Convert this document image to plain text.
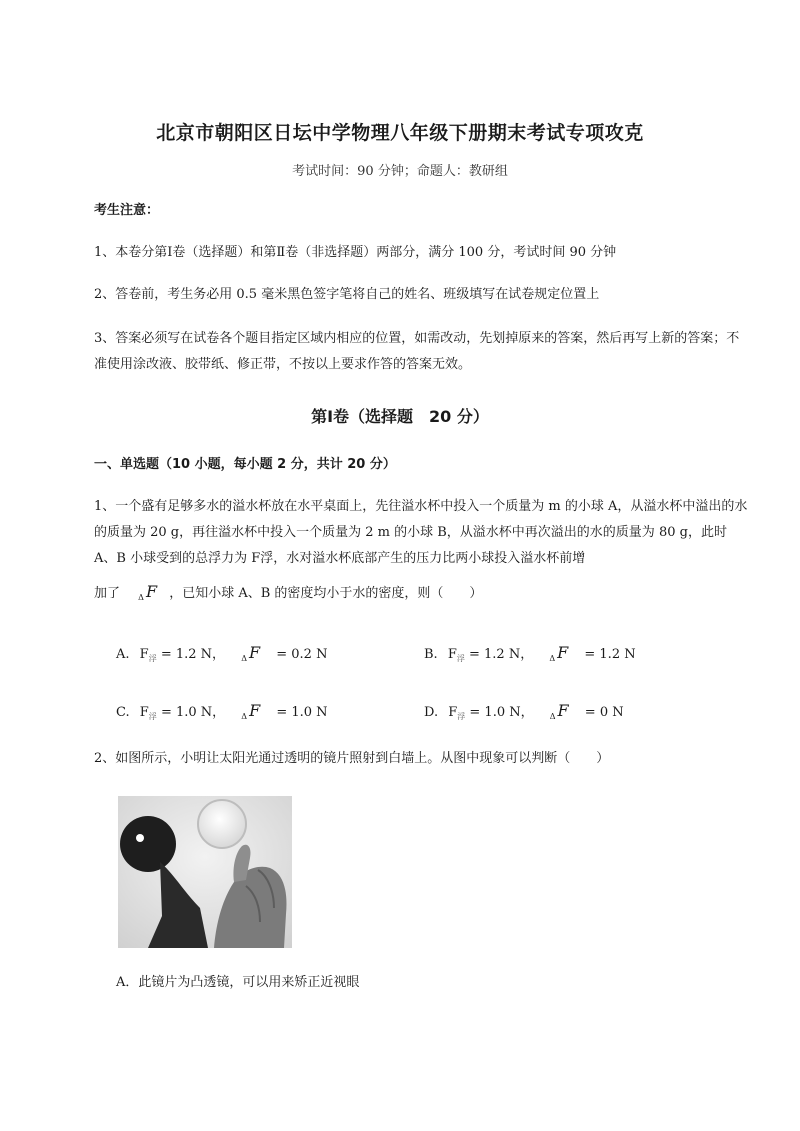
北京市朝阳区日坛中学物理八年级下册期末考试专项攻克
考试时间：90 分钟；命题人：教研组
考生注意：
1、本卷分第Ⅰ卷（选择题）和第Ⅱ卷（非选择题）两部分，满分 100 分，考试时间 90 分钟
2、答卷前，考生务必用 0.5 毫米黑色签字笔将自己的姓名、班级填写在试卷规定位置上
3、答案必须写在试卷各个题目指定区域内相应的位置，如需改动，先划掉原来的答案，然后再写上新的答案；不准使用涂改液、胶带纸、修正带，不按以上要求作答的答案无效。
第Ⅰ卷（选择题　20 分）
一、单选题（10 小题，每小题 2 分，共计 20 分）
1、一个盛有足够多水的溢水杯放在水平桌面上，先往溢水杯中投入一个质量为 m 的小球 A，从溢水杯中溢出的水的质量为 20 g，再往溢水杯中投入一个质量为 2 m 的小球 B，从溢水杯中再次溢出的水的质量为 80 g，此时 A、B 小球受到的总浮力为 F浮，水对溢水杯底部产生的压力比两小球投入溢水杯前增
加了 $_\Delta$ F ，已知小球 A、B 的密度均小于水的密度，则（　　）
A. $F_浮 = 1.2$ N， $_\Delta$ F = 0.2 N	B. $F_浮 = 1.2$ N， $_\Delta$ F = 1.2 N
C. $F_浮 = 1.0$ N， $_\Delta$ F = 1.0 N	D. $F_浮 = 1.0$ N， $_\Delta$ F = 0 N
2、如图所示，小明让太阳光通过透明的镜片照射到白墙上。从图中现象可以判断（　　）
A．此镜片为凸透镜，可以用来矫正近视眼
